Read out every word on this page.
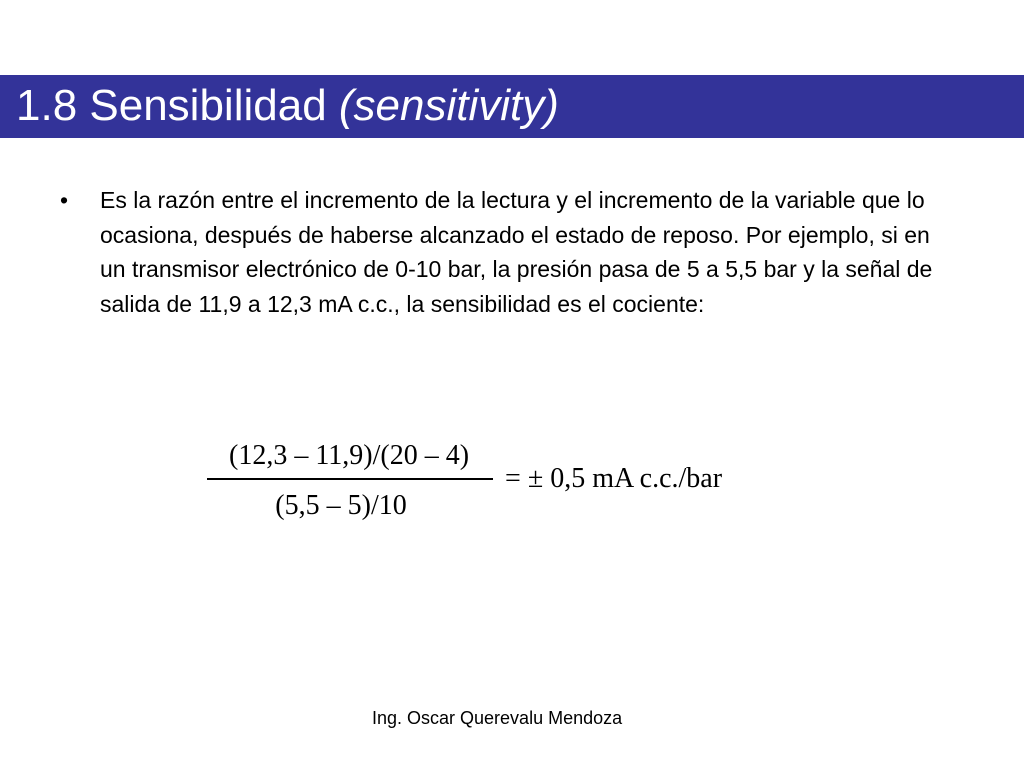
1.8 Sensibilidad (sensitivity)
• Es la razón entre el incremento de la lectura y el incremento de la variable que lo ocasiona, después de haberse alcanzado el estado de reposo. Por ejemplo, si en un transmisor electrónico de 0-10 bar, la presión pasa de 5 a 5,5 bar y la señal de salida de 11,9 a 12,3 mA c.c., la sensibilidad es el cociente:
$\frac{(12,3 - 11,9)/(20 - 4)}{(5,5 - 5)/10}$ = ± 0,5 mA c.c./bar
Ing. Oscar Querevalu Mendoza
